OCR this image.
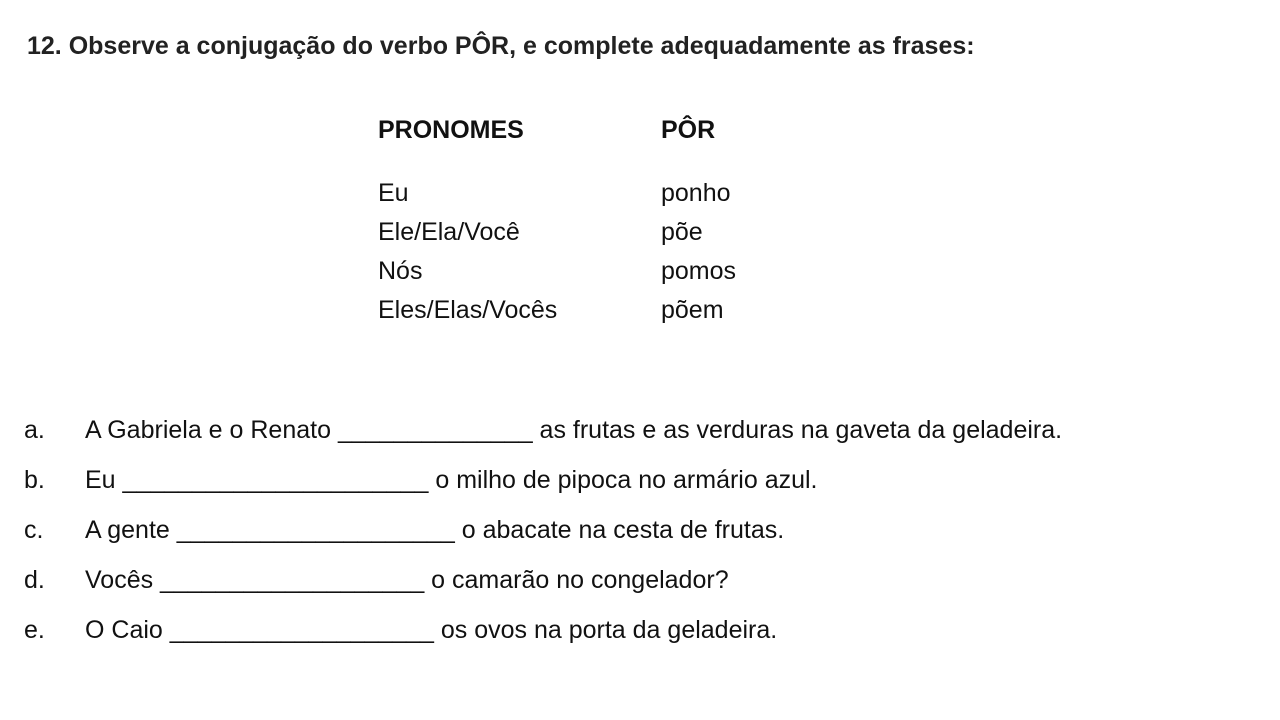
12. Observe a conjugação do verbo PÔR, e complete adequadamente as frases:
PRONOMES	PÔR
Eu	ponho
Ele/Ela/Você	põe
Nós	pomos
Eles/Elas/Vocês	põem
a.	A Gabriela e o Renato ______________ as frutas e as verduras na gaveta da geladeira.
b.	Eu ______________________ o milho de pipoca no armário azul.
c.	A gente ____________________ o abacate na cesta de frutas.
d.	Vocês ___________________ o camarão no congelador?
e.	O Caio ___________________ os ovos na porta da geladeira.
